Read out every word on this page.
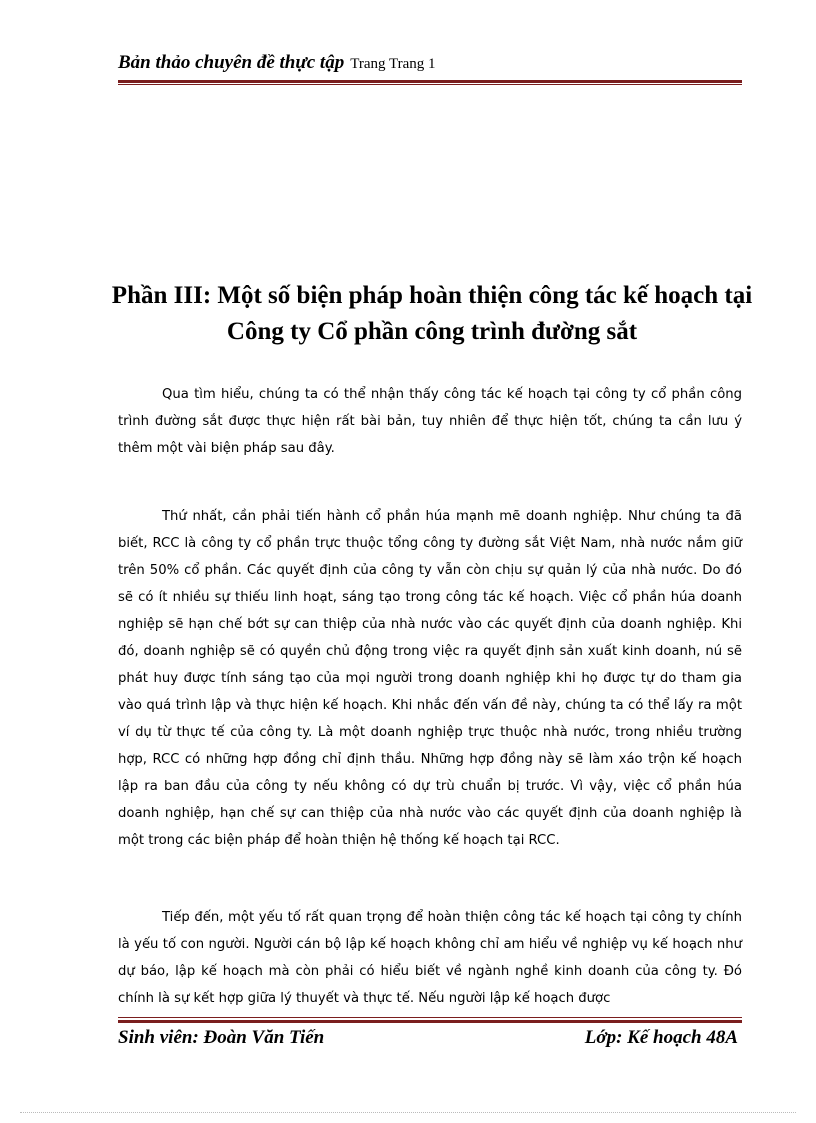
Bản thảo chuyên đề thực tập Trang Trang 1
Phần III: Một số biện pháp hoàn thiện công tác kế hoạch tại
Công ty Cổ phần công trình đường sắt

Qua tìm hiểu, chúng ta có thể nhận thấy công tác kế hoạch tại công ty cổ phần công trình đường sắt được thực hiện rất bài bản, tuy nhiên để thực hiện tốt, chúng ta cần lưu ý thêm một vài biện pháp sau đây.

Thứ nhất, cần phải tiến hành cổ phần húa mạnh mẽ doanh nghiệp. Như chúng ta đã biết, RCC là công ty cổ phần trực thuộc tổng công ty đường sắt Việt Nam, nhà nước nắm giữ trên 50% cổ phần. Các quyết định của công ty vẫn còn chịu sự quản lý của nhà nước. Do đó sẽ có ít nhiều sự thiếu linh hoạt, sáng tạo trong công tác kế hoạch. Việc cổ phần húa doanh nghiệp sẽ hạn chế bớt sự can thiệp của nhà nước vào các quyết định của doanh nghiệp. Khi đó, doanh nghiệp sẽ có quyền chủ động trong việc ra quyết định sản xuất kinh doanh, nú sẽ phát huy được tính sáng tạo của mọi người trong doanh nghiệp khi họ được tự do tham gia vào quá trình lập và thực hiện kế hoạch. Khi nhắc đến vấn đề này, chúng ta có thể lấy ra một ví dụ từ thực tế của công ty. Là một doanh nghiệp trực thuộc nhà nước, trong nhiều trường hợp, RCC có những hợp đồng chỉ định thầu. Những hợp đồng này sẽ làm xáo trộn kế hoạch lập ra ban đầu của công ty nếu không có dự trù chuẩn bị trước. Vì vậy, việc cổ phần húa doanh nghiệp, hạn chế sự can thiệp của nhà nước vào các quyết định của doanh nghiệp là một trong các biện pháp để hoàn thiện hệ thống kế hoạch tại RCC.

Tiếp đến, một yếu tố rất quan trọng để hoàn thiện công tác kế hoạch tại công ty chính là yếu tố con người. Người cán bộ lập kế hoạch không chỉ am hiểu về nghiệp vụ kế hoạch như dự báo, lập kế hoạch mà còn phải có hiểu biết về ngành nghề kinh doanh của công ty. Đó chính là sự kết hợp giữa lý thuyết và thực tế. Nếu người lập kế hoạch được

Sinh viên: Đoàn Văn Tiến	Lớp: Kế hoạch 48A
